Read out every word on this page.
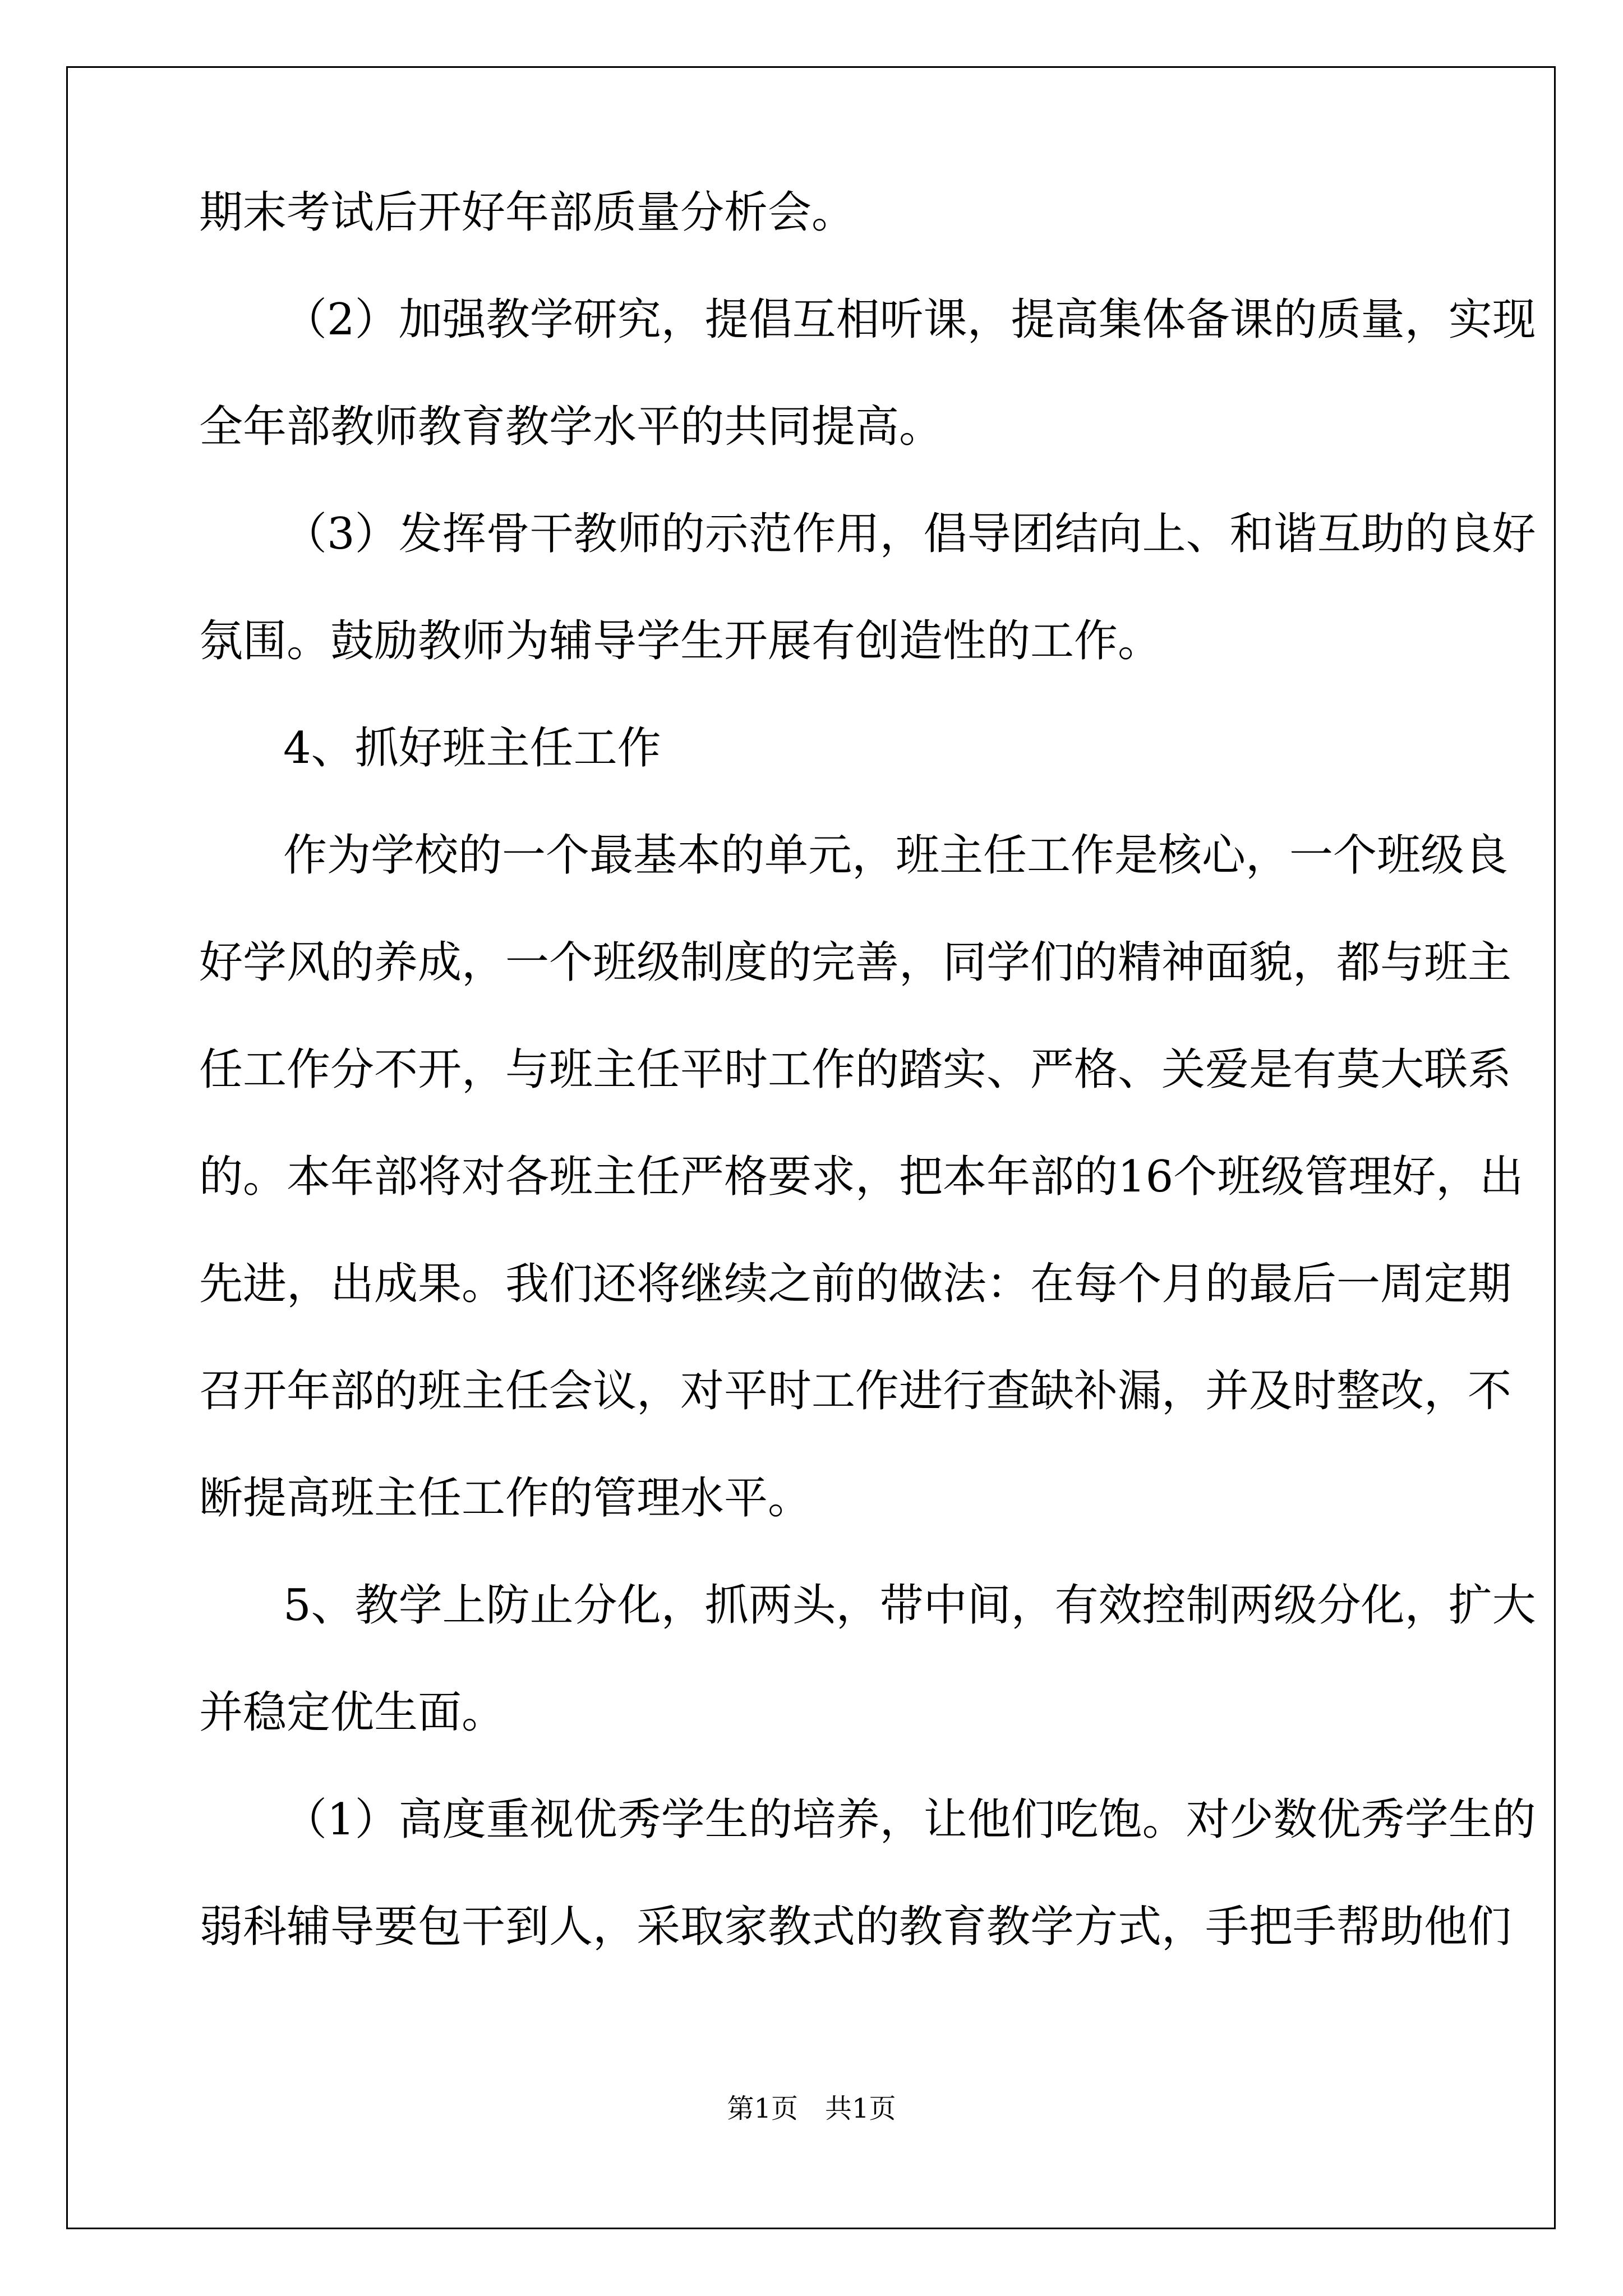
期末考试后开好年部质量分析会。
（2）加强教学研究，提倡互相听课，提高集体备课的质量，实现
全年部教师教育教学水平的共同提高。
（3）发挥骨干教师的示范作用，倡导团结向上、和谐互助的良好
氛围。鼓励教师为辅导学生开展有创造性的工作。
4、抓好班主任工作
作为学校的一个最基本的单元，班主任工作是核心，一个班级良
好学风的养成，一个班级制度的完善，同学们的精神面貌，都与班主
任工作分不开，与班主任平时工作的踏实、严格、关爱是有莫大联系
的。本年部将对各班主任严格要求，把本年部的16个班级管理好，出
先进，出成果。我们还将继续之前的做法：在每个月的最后一周定期
召开年部的班主任会议，对平时工作进行查缺补漏，并及时整改，不
断提高班主任工作的管理水平。
5、教学上防止分化，抓两头，带中间，有效控制两级分化，扩大
并稳定优生面。
（1）高度重视优秀学生的培养，让他们吃饱。对少数优秀学生的
弱科辅导要包干到人，采取家教式的教育教学方式，手把手帮助他们
第1页　共1页
